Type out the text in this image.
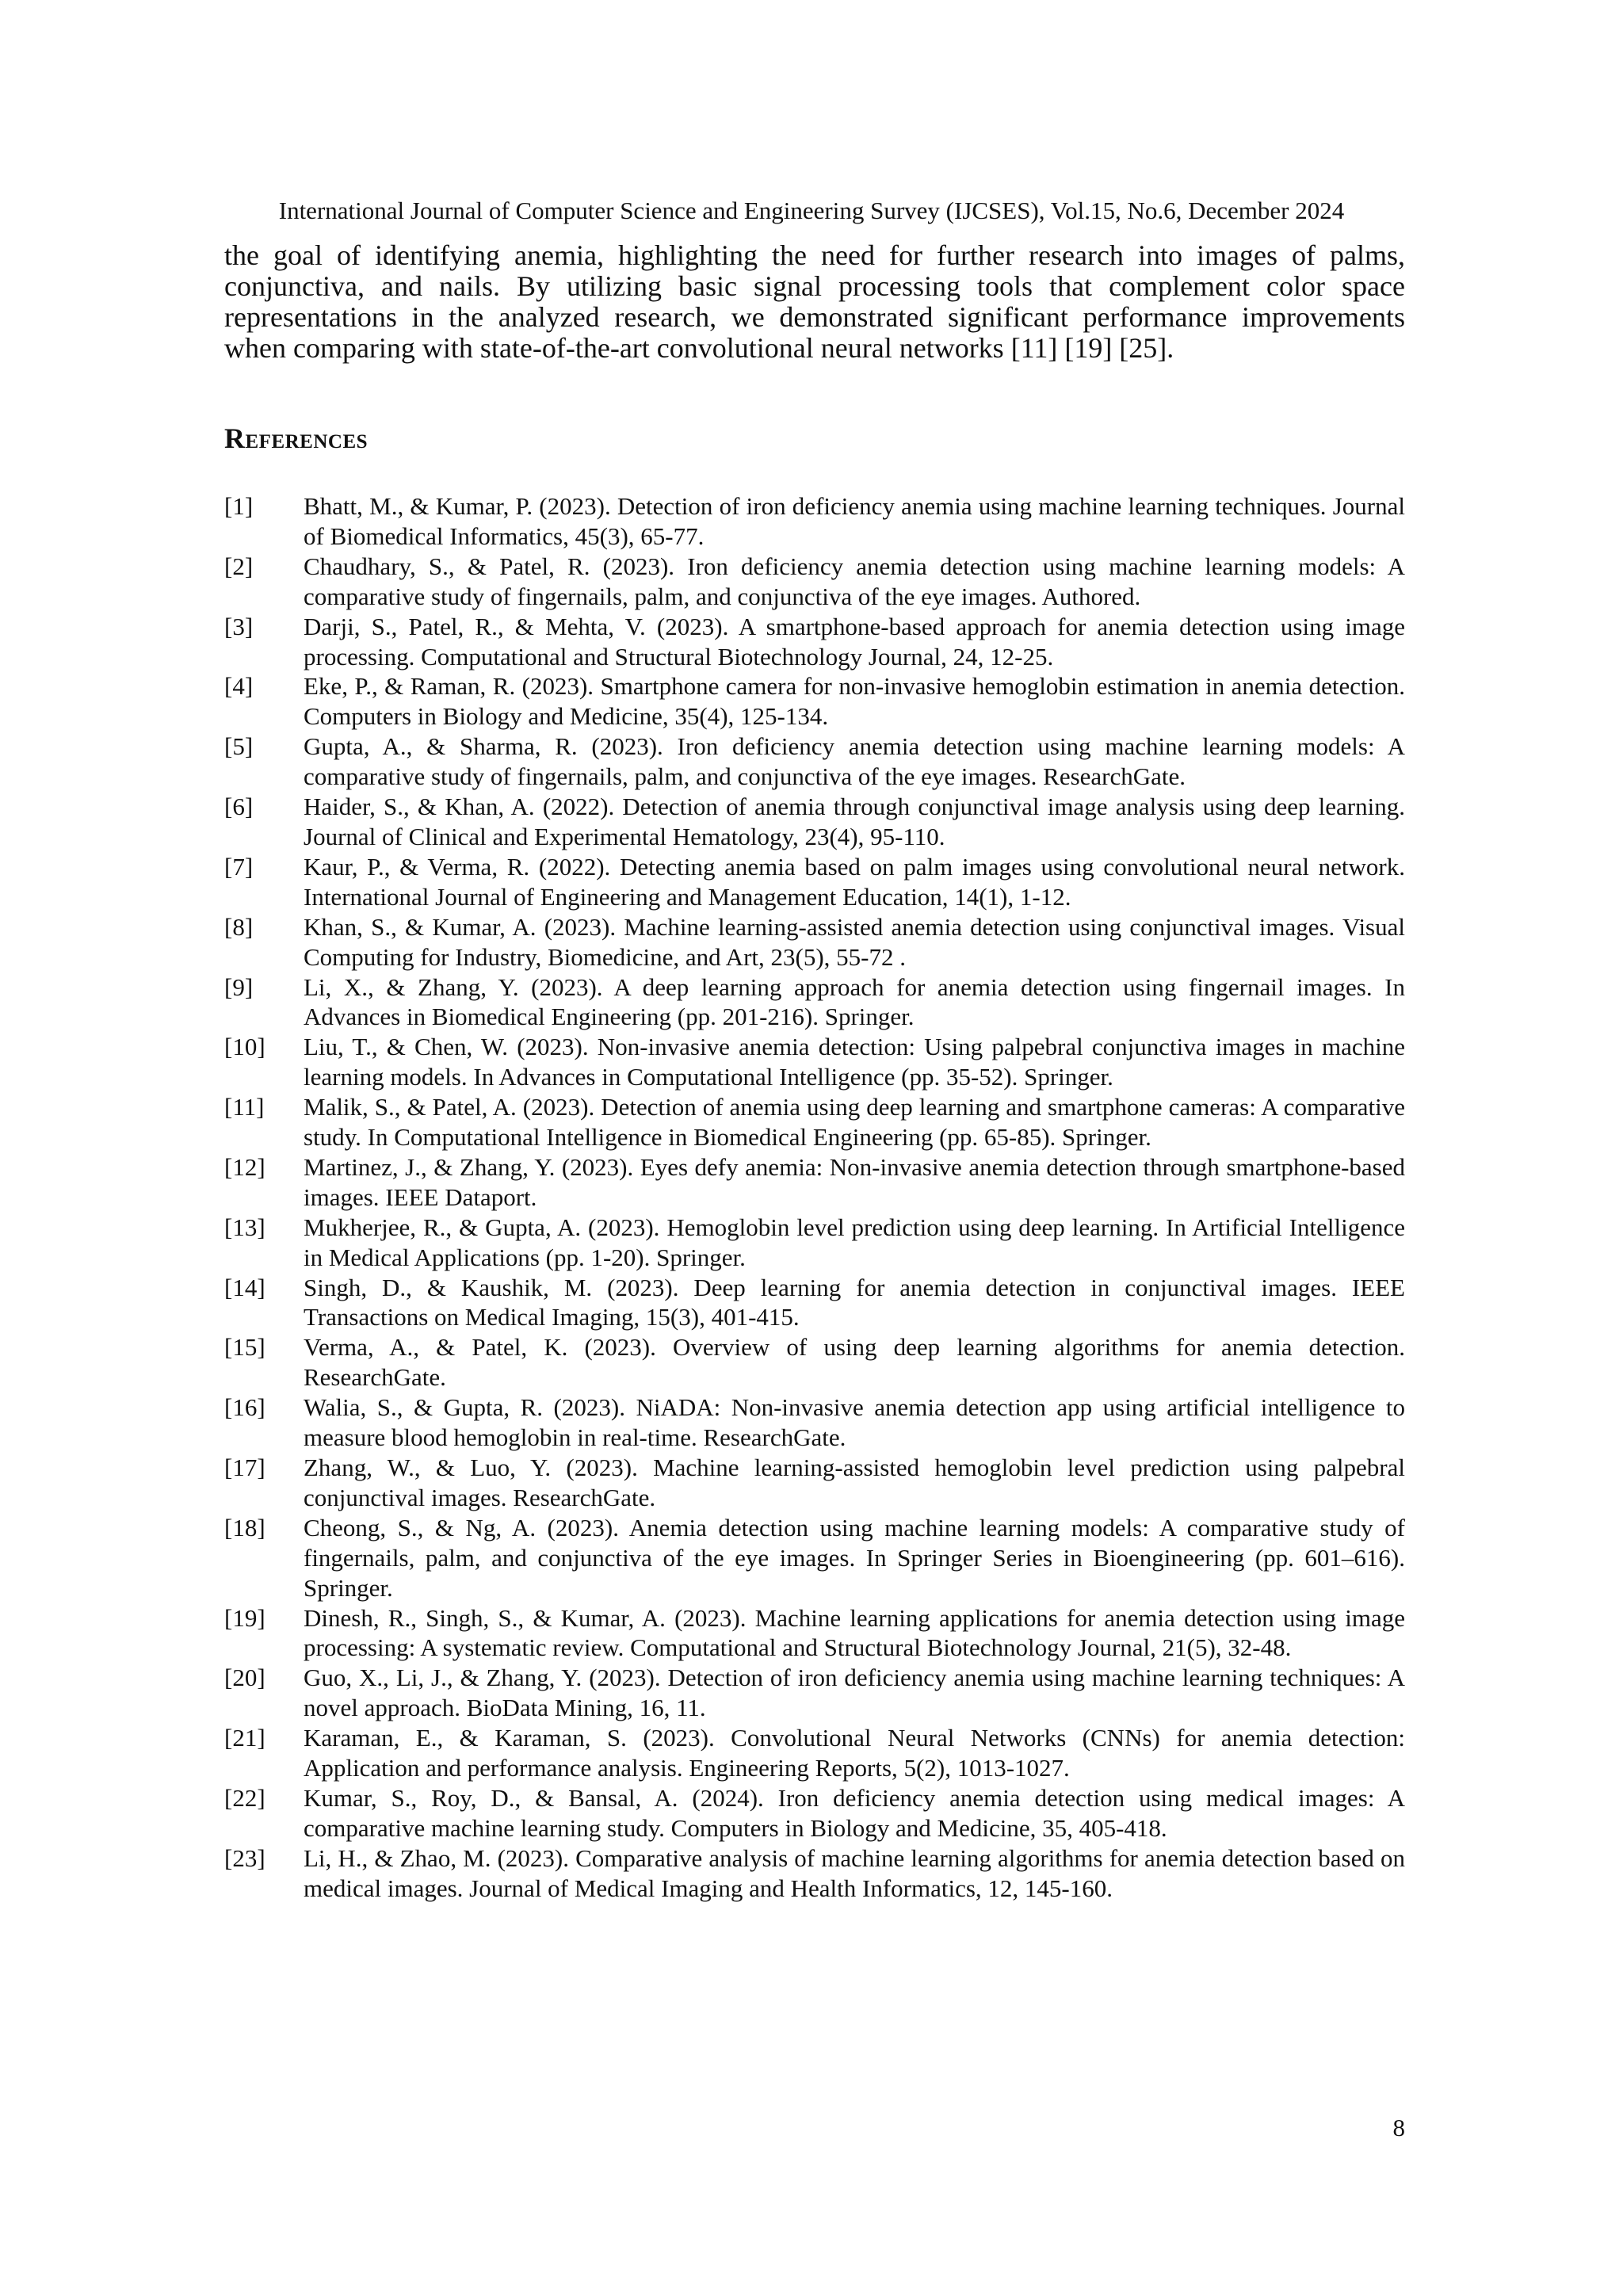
International Journal of Computer Science and Engineering Survey (IJCSES), Vol.15, No.6, December 2024

the goal of identifying anemia, highlighting the need for further research into images of palms, conjunctiva, and nails. By utilizing basic signal processing tools that complement color space representations in the analyzed research, we demonstrated significant performance improvements when comparing with state-of-the-art convolutional neural networks [11] [19] [25].

References
[1]	Bhatt, M., & Kumar, P. (2023). Detection of iron deficiency anemia using machine learning techniques. Journal of Biomedical Informatics, 45(3), 65-77.
[2]	Chaudhary, S., & Patel, R. (2023). Iron deficiency anemia detection using machine learning models: A comparative study of fingernails, palm, and conjunctiva of the eye images. Authored.
[3]	Darji, S., Patel, R., & Mehta, V. (2023). A smartphone-based approach for anemia detection using image processing. Computational and Structural Biotechnology Journal, 24, 12-25.
[4]	Eke, P., & Raman, R. (2023). Smartphone camera for non-invasive hemoglobin estimation in anemia detection. Computers in Biology and Medicine, 35(4), 125-134.
[5]	Gupta, A., & Sharma, R. (2023). Iron deficiency anemia detection using machine learning models: A comparative study of fingernails, palm, and conjunctiva of the eye images. ResearchGate.
[6]	Haider, S., & Khan, A. (2022). Detection of anemia through conjunctival image analysis using deep learning. Journal of Clinical and Experimental Hematology, 23(4), 95-110.
[7]	Kaur, P., & Verma, R. (2022). Detecting anemia based on palm images using convolutional neural network. International Journal of Engineering and Management Education, 14(1), 1-12.
[8]	Khan, S., & Kumar, A. (2023). Machine learning-assisted anemia detection using conjunctival images. Visual Computing for Industry, Biomedicine, and Art, 23(5), 55-72 .
[9]	Li, X., & Zhang, Y. (2023). A deep learning approach for anemia detection using fingernail images. In Advances in Biomedical Engineering (pp. 201-216). Springer.
[10]	Liu, T., & Chen, W. (2023). Non-invasive anemia detection: Using palpebral conjunctiva images in machine learning models. In Advances in Computational Intelligence (pp. 35-52). Springer.
[11]	Malik, S., & Patel, A. (2023). Detection of anemia using deep learning and smartphone cameras: A comparative study. In Computational Intelligence in Biomedical Engineering (pp. 65-85). Springer.
[12]	Martinez, J., & Zhang, Y. (2023). Eyes defy anemia: Non-invasive anemia detection through smartphone-based images. IEEE Dataport.
[13]	Mukherjee, R., & Gupta, A. (2023). Hemoglobin level prediction using deep learning. In Artificial Intelligence in Medical Applications (pp. 1-20). Springer.
[14]	Singh, D., & Kaushik, M. (2023). Deep learning for anemia detection in conjunctival images. IEEE Transactions on Medical Imaging, 15(3), 401-415.
[15]	Verma, A., & Patel, K. (2023). Overview of using deep learning algorithms for anemia detection. ResearchGate.
[16]	Walia, S., & Gupta, R. (2023). NiADA: Non-invasive anemia detection app using artificial intelligence to measure blood hemoglobin in real-time. ResearchGate.
[17]	Zhang, W., & Luo, Y. (2023). Machine learning-assisted hemoglobin level prediction using palpebral conjunctival images. ResearchGate.
[18]	Cheong, S., & Ng, A. (2023). Anemia detection using machine learning models: A comparative study of fingernails, palm, and conjunctiva of the eye images. In Springer Series in Bioengineering (pp. 601–616). Springer.
[19]	Dinesh, R., Singh, S., & Kumar, A. (2023). Machine learning applications for anemia detection using image processing: A systematic review. Computational and Structural Biotechnology Journal, 21(5), 32-48.
[20]	Guo, X., Li, J., & Zhang, Y. (2023). Detection of iron deficiency anemia using machine learning techniques: A novel approach. BioData Mining, 16, 11.
[21]	Karaman, E., & Karaman, S. (2023). Convolutional Neural Networks (CNNs) for anemia detection: Application and performance analysis. Engineering Reports, 5(2), 1013-1027.
[22]	Kumar, S., Roy, D., & Bansal, A. (2024). Iron deficiency anemia detection using medical images: A comparative machine learning study. Computers in Biology and Medicine, 35, 405-418.
[23]	Li, H., & Zhao, M. (2023). Comparative analysis of machine learning algorithms for anemia detection based on medical images. Journal of Medical Imaging and Health Informatics, 12, 145-160.
8
